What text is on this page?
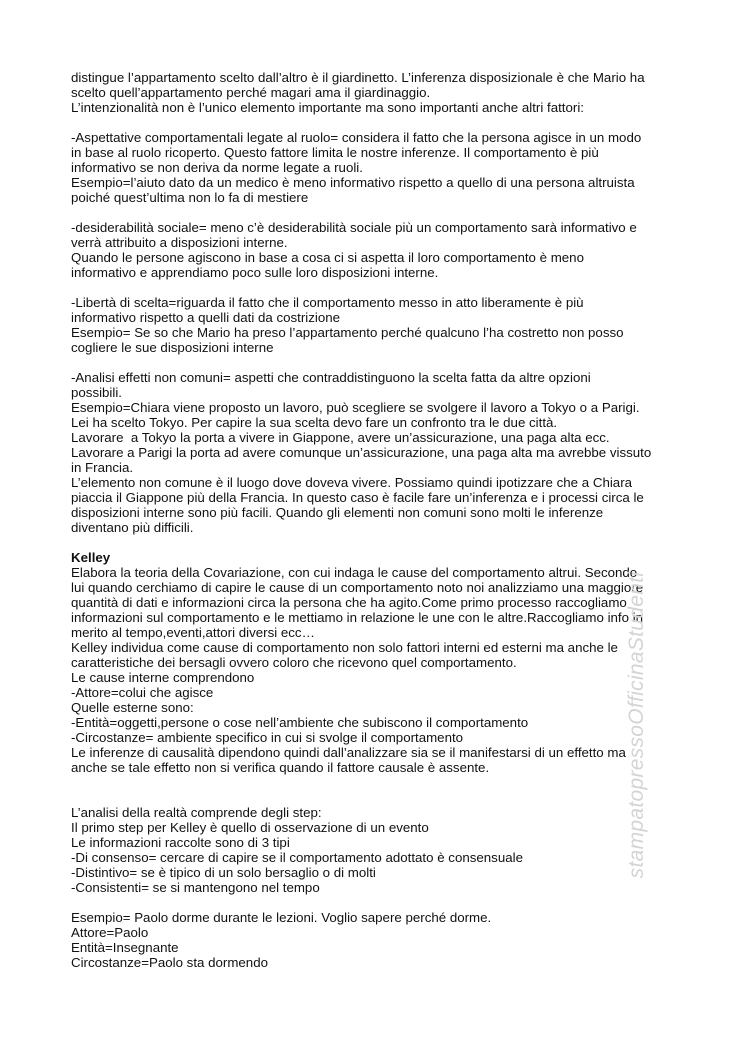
distingue l’appartamento scelto dall’altro è il giardinetto. L’inferenza disposizionale è che Mario ha
scelto quell’appartamento perché magari ama il giardinaggio.
L’intenzionalità non è l’unico elemento importante ma sono importanti anche altri fattori:
-Aspettative comportamentali legate al ruolo= considera il fatto che la persona agisce in un modo
in base al ruolo ricoperto. Questo fattore limita le nostre inferenze. Il comportamento è più
informativo se non deriva da norme legate a ruoli.
Esempio=l’aiuto dato da un medico è meno informativo rispetto a quello di una persona altruista
poiché quest’ultima non lo fa di mestiere
-desiderabilità sociale= meno c’è desiderabilità sociale più un comportamento sarà informativo e
verrà attribuito a disposizioni interne.
Quando le persone agiscono in base a cosa ci si aspetta il loro comportamento è meno
informativo e apprendiamo poco sulle loro disposizioni interne.
-Libertà di scelta=riguarda il fatto che il comportamento messo in atto liberamente è più
informativo rispetto a quelli dati da costrizione
Esempio= Se so che Mario ha preso l’appartamento perché qualcuno l’ha costretto non posso
cogliere le sue disposizioni interne
-Analisi effetti non comuni= aspetti che contraddistinguono la scelta fatta da altre opzioni
possibili.
Esempio=Chiara viene proposto un lavoro, può scegliere se svolgere il lavoro a Tokyo o a Parigi.
Lei ha scelto Tokyo. Per capire la sua scelta devo fare un confronto tra le due città.
Lavorare  a Tokyo la porta a vivere in Giappone, avere un’assicurazione, una paga alta ecc.
Lavorare a Parigi la porta ad avere comunque un’assicurazione, una paga alta ma avrebbe vissuto
in Francia.
L’elemento non comune è il luogo dove doveva vivere. Possiamo quindi ipotizzare che a Chiara
piaccia il Giappone più della Francia. In questo caso è facile fare un’inferenza e i processi circa le
disposizioni interne sono più facili. Quando gli elementi non comuni sono molti le inferenze
diventano più difficili.
Kelley
Elabora la teoria della Covariazione, con cui indaga le cause del comportamento altrui. Secondo
lui quando cerchiamo di capire le cause di un comportamento noto noi analizziamo una maggiore
quantità di dati e informazioni circa la persona che ha agito.Come primo processo raccogliamo
informazioni sul comportamento e le mettiamo in relazione le une con le altre.Raccogliamo info in
merito al tempo,eventi,attori diversi ecc…
Kelley individua come cause di comportamento non solo fattori interni ed esterni ma anche le
caratteristiche dei bersagli ovvero coloro che ricevono quel comportamento.
Le cause interne comprendono
-Attore=colui che agisce
Quelle esterne sono:
-Entità=oggetti,persone o cose nell’ambiente che subiscono il comportamento
-Circostanze= ambiente specifico in cui si svolge il comportamento
Le inferenze di causalità dipendono quindi dall’analizzare sia se il manifestarsi di un effetto ma
anche se tale effetto non si verifica quando il fattore causale è assente.
L’analisi della realtà comprende degli step:
Il primo step per Kelley è quello di osservazione di un evento
Le informazioni raccolte sono di 3 tipi
-Di consenso= cercare di capire se il comportamento adottato è consensuale
-Distintivo= se è tipico di un solo bersaglio o di molti
-Consistenti= se si mantengono nel tempo
Esempio= Paolo dorme durante le lezioni. Voglio sapere perché dorme.
Attore=Paolo
Entità=Insegnante
Circostanze=Paolo sta dormendo
stampatopressoOfficinaStudenti
